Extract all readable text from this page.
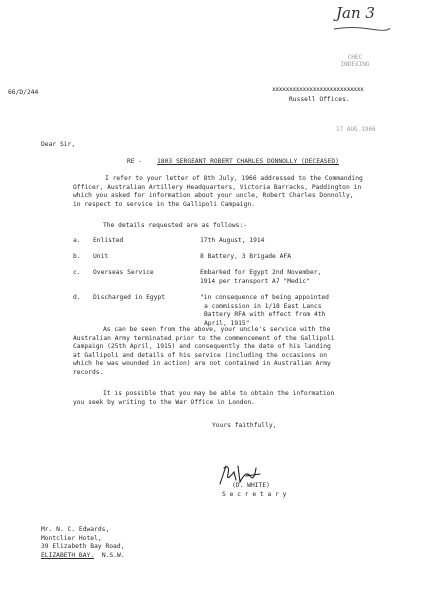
Jan 3
CHEC
INDEXING
66/D/244	xxxxxxxxxxxxxxxxxxxxxxxxxxx
Russell Offices.
17 AUG 1966
Dear Sir,
RE - 1803 SERGEANT ROBERT CHARLES DONNOLLY (DECEASED)
I refer to your letter of 8th July, 1966 addressed to the Commanding
Officer, Australian Artillery Headquarters, Victoria Barracks, Paddington in
which you asked for information about your uncle, Robert Charles Donnolly,
in respect to service in the Gallipoli Campaign.
The details requested are as follows:-
a. Enlisted	17th August, 1914
b. Unit	8 Battery, 3 Brigade AFA
c. Overseas Service	Embarked for Egypt 2nd November,
1914 per transport A7 "Medic"
d. Discharged in Egypt	"in consequence of being appointed
a commission in 1/18 East Lancs
Battery RFA with effect from 4th
April, 1915"
As can be seen from the above, your uncle's service with the
Australian Army terminated prior to the commencement of the Gallipoli
Campaign (25th April, 1915) and consequently the date of his landing
at Gallipoli and details of his service (including the occasions on
which he was wounded in action) are not contained in Australian Army
records.
It is possible that you may be able to obtain the information
you seek by writing to the War Office in London.
Yours faithfully,
(D. WHITE)
S e c r e t a r y
Mr. N. C. Edwards,
Montclier Hotel,
39 Elizabeth Bay Road,
ELIZABETH BAY. N.S.W.
